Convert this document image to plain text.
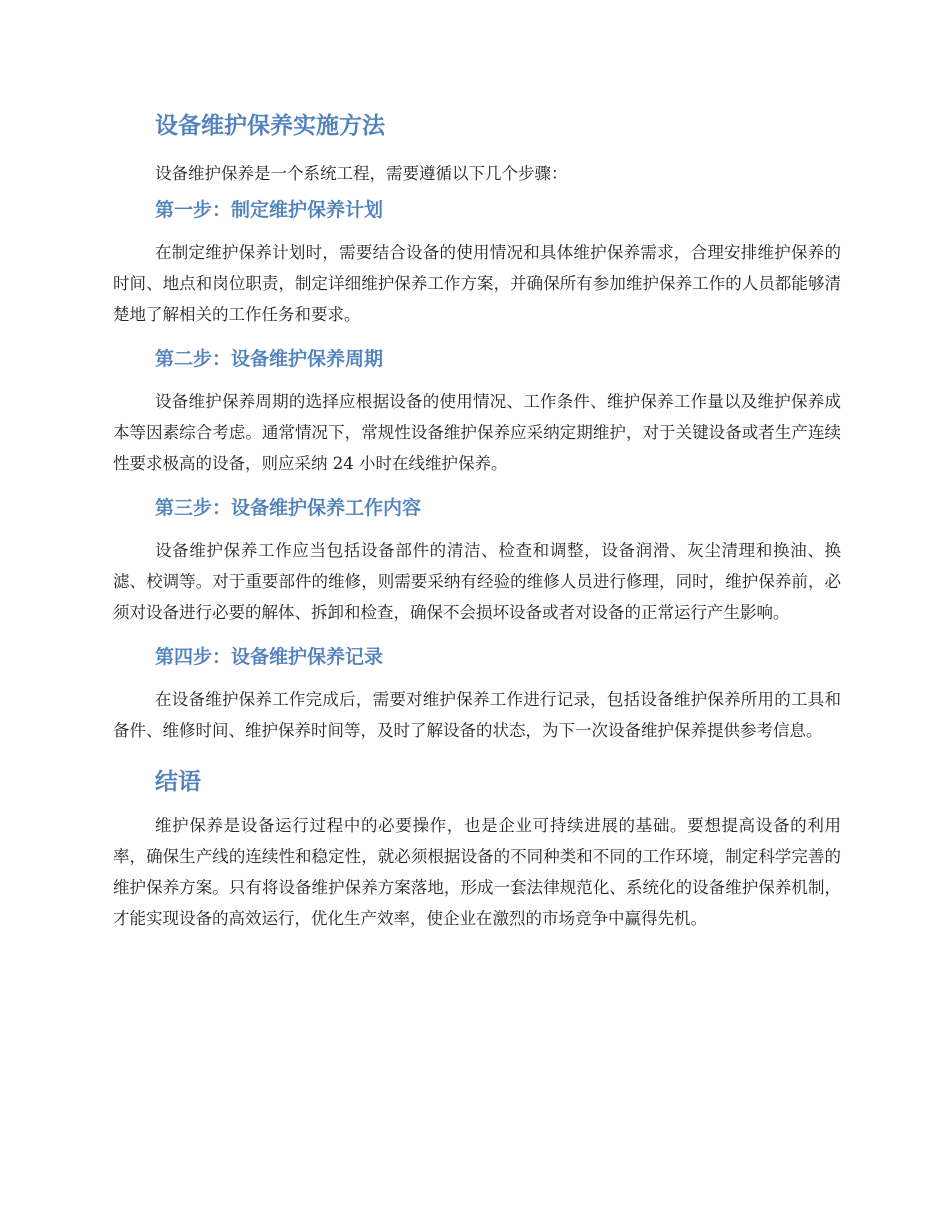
设备维护保养实施方法

设备维护保养是一个系统工程，需要遵循以下几个步骤：

第一步：制定维护保养计划

在制定维护保养计划时，需要结合设备的使用情况和具体维护保养需求，合理安排维护保养的时间、地点和岗位职责，制定详细维护保养工作方案，并确保所有参加维护保养工作的人员都能够清楚地了解相关的工作任务和要求。

第二步：设备维护保养周期

设备维护保养周期的选择应根据设备的使用情况、工作条件、维护保养工作量以及维护保养成本等因素综合考虑。通常情况下，常规性设备维护保养应采纳定期维护，对于关键设备或者生产连续性要求极高的设备，则应采纳 24 小时在线维护保养。

第三步：设备维护保养工作内容

设备维护保养工作应当包括设备部件的清洁、检查和调整，设备润滑、灰尘清理和换油、换滤、校调等。对于重要部件的维修，则需要采纳有经验的维修人员进行修理，同时，维护保养前，必须对设备进行必要的解体、拆卸和检查，确保不会损坏设备或者对设备的正常运行产生影响。

第四步：设备维护保养记录

在设备维护保养工作完成后，需要对维护保养工作进行记录，包括设备维护保养所用的工具和备件、维修时间、维护保养时间等，及时了解设备的状态，为下一次设备维护保养提供参考信息。

结语

维护保养是设备运行过程中的必要操作，也是企业可持续进展的基础。要想提高设备的利用率，确保生产线的连续性和稳定性，就必须根据设备的不同种类和不同的工作环境，制定科学完善的维护保养方案。只有将设备维护保养方案落地，形成一套法律规范化、系统化的设备维护保养机制，才能实现设备的高效运行，优化生产效率，使企业在激烈的市场竞争中赢得先机。
